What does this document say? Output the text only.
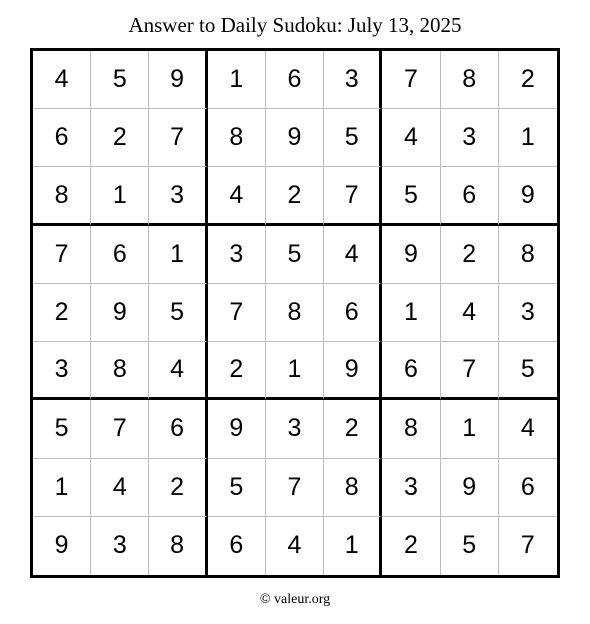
Answer to Daily Sudoku: July 13, 2025
4	5	9	1	6	3	7	8	2
6	2	7	8	9	5	4	3	1
8	1	3	4	2	7	5	6	9
7	6	1	3	5	4	9	2	8
2	9	5	7	8	6	1	4	3
3	8	4	2	1	9	6	7	5
5	7	6	9	3	2	8	1	4
1	4	2	5	7	8	3	9	6
9	3	8	6	4	1	2	5	7
© valeur.org
